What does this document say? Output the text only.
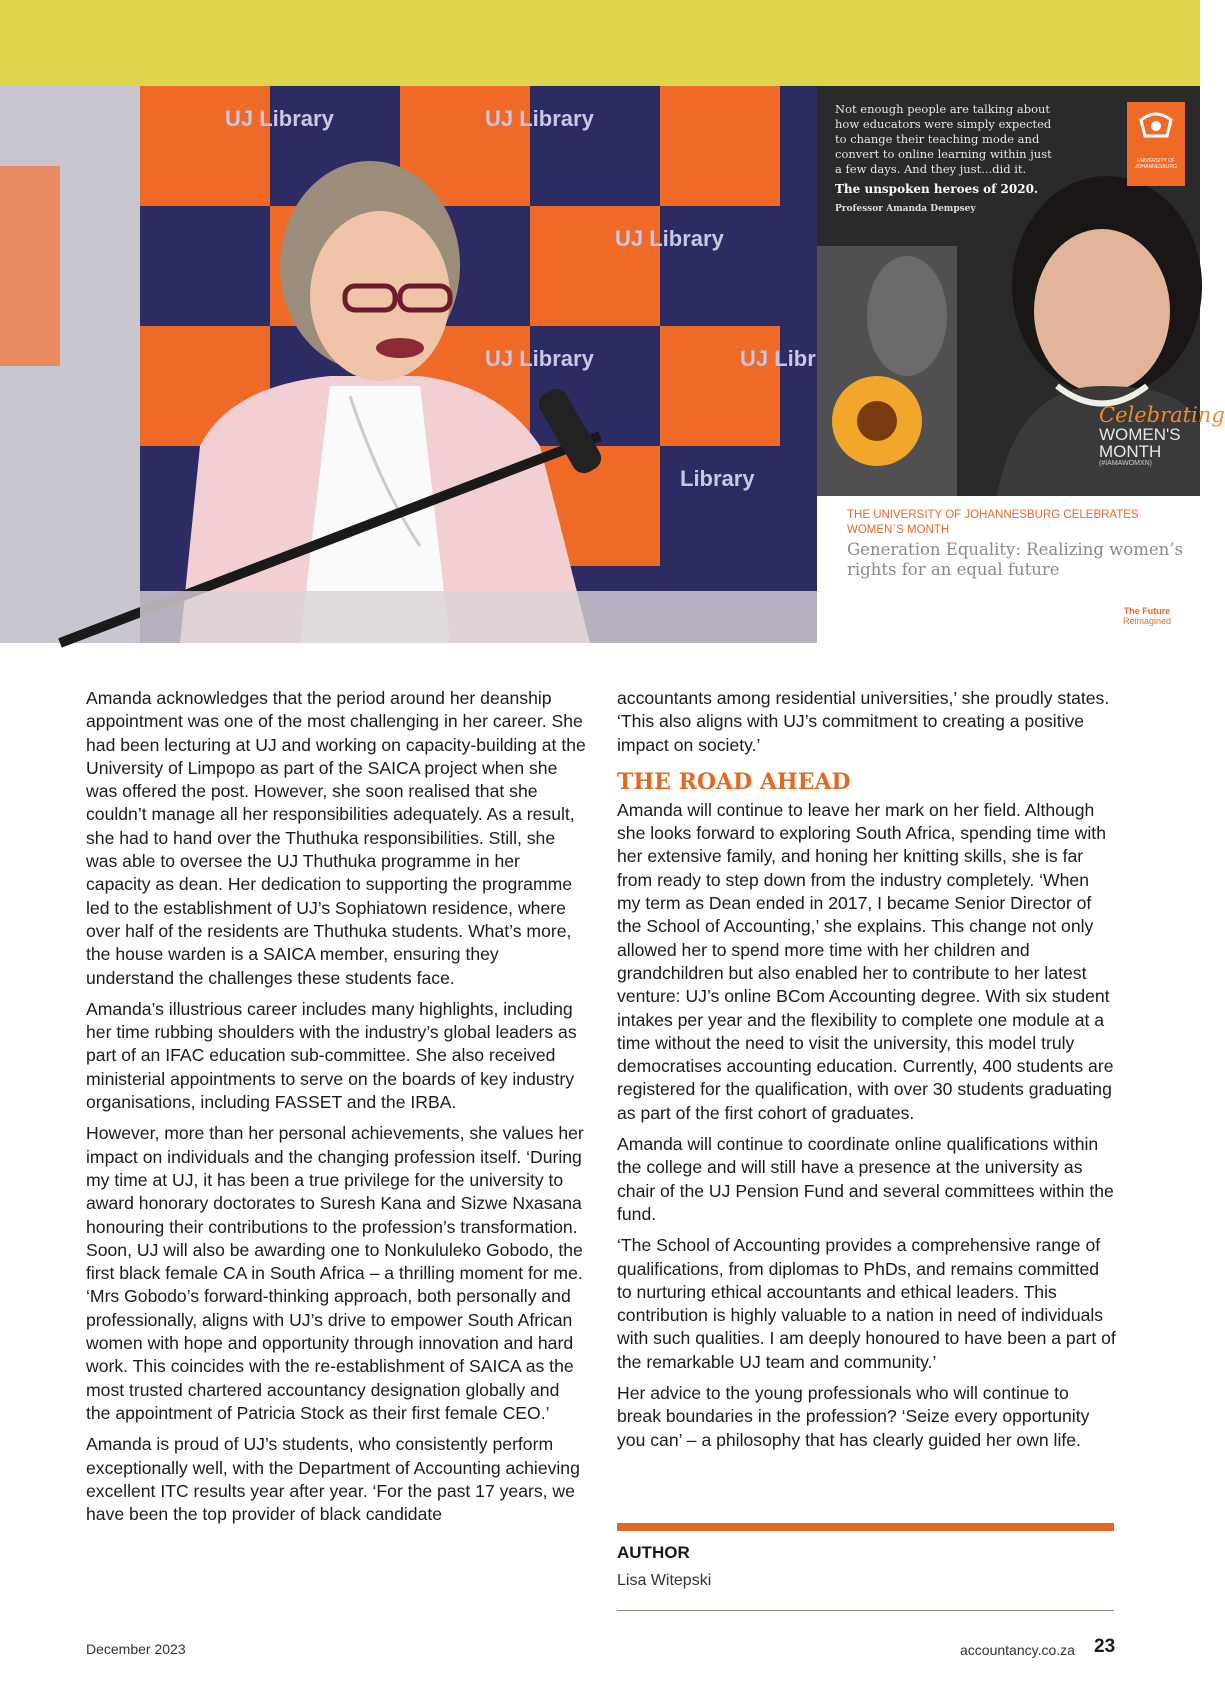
UJ Library	UJ Library
UJ Library
UJ Library	UJ Libr
Library
Not enough people are talking about how educators were simply expected to change their teaching mode and convert to online learning within just a few days. And they just...did it.
The unspoken heroes of 2020.
Professor Amanda Dempsey
UNIVERSITY OF JOHANNESBURG
Celebrating
WOMEN'S
MONTH
(#IAMAWOMXN)
THE UNIVERSITY OF JOHANNESBURG CELEBRATES WOMEN`S MONTH
Generation Equality: Realizing women’s rights for an equal future
The Future
Reimagined

Amanda acknowledges that the period around her deanship appointment was one of the most challenging in her career. She had been lecturing at UJ and working on capacity-building at the University of Limpopo as part of the SAICA project when she was offered the post. However, she soon realised that she couldn’t manage all her responsibilities adequately. As a result, she had to hand over the Thuthuka responsibilities. Still, she was able to oversee the UJ Thuthuka programme in her capacity as dean. Her dedication to supporting the programme led to the establishment of UJ’s Sophiatown residence, where over half of the residents are Thuthuka students. What’s more, the house warden is a SAICA member, ensuring they understand the challenges these students face.

Amanda’s illustrious career includes many highlights, including her time rubbing shoulders with the industry’s global leaders as part of an IFAC education sub-committee. She also received ministerial appointments to serve on the boards of key industry organisations, including FASSET and the IRBA.

However, more than her personal achievements, she values her impact on individuals and the changing profession itself. ‘During my time at UJ, it has been a true privilege for the university to award honorary doctorates to Suresh Kana and Sizwe Nxasana honouring their contributions to the profession’s transformation. Soon, UJ will also be awarding one to Nonkululeko Gobodo, the first black female CA in South Africa – a thrilling moment for me. ‘Mrs Gobodo’s forward-thinking approach, both personally and professionally, aligns with UJ’s drive to empower South African women with hope and opportunity through innovation and hard work. This coincides with the re-establishment of SAICA as the most trusted chartered accountancy designation globally and the appointment of Patricia Stock as their first female CEO.’

Amanda is proud of UJ’s students, who consistently perform exceptionally well, with the Department of Accounting achieving excellent ITC results year after year. ‘For the past 17 years, we have been the top provider of black candidate

accountants among residential universities,’ she proudly states. ‘This also aligns with UJ’s commitment to creating a positive impact on society.’

THE ROAD AHEAD

Amanda will continue to leave her mark on her field. Although she looks forward to exploring South Africa, spending time with her extensive family, and honing her knitting skills, she is far from ready to step down from the industry completely. ‘When my term as Dean ended in 2017, I became Senior Director of the School of Accounting,’ she explains. This change not only allowed her to spend more time with her children and grandchildren but also enabled her to contribute to her latest venture: UJ’s online BCom Accounting degree. With six student intakes per year and the flexibility to complete one module at a time without the need to visit the university, this model truly democratises accounting education. Currently, 400 students are registered for the qualification, with over 30 students graduating as part of the first cohort of graduates.

Amanda will continue to coordinate online qualifications within the college and will still have a presence at the university as chair of the UJ Pension Fund and several committees within the fund.

‘The School of Accounting provides a comprehensive range of qualifications, from diplomas to PhDs, and remains committed to nurturing ethical accountants and ethical leaders. This contribution is highly valuable to a nation in need of individuals with such qualities. I am deeply honoured to have been a part of the remarkable UJ team and community.’

Her advice to the young professionals who will continue to break boundaries in the profession? ‘Seize every opportunity you can’ – a philosophy that has clearly guided her own life.

AUTHOR
Lisa Witepski
December 2023	accountancy.co.za 23
